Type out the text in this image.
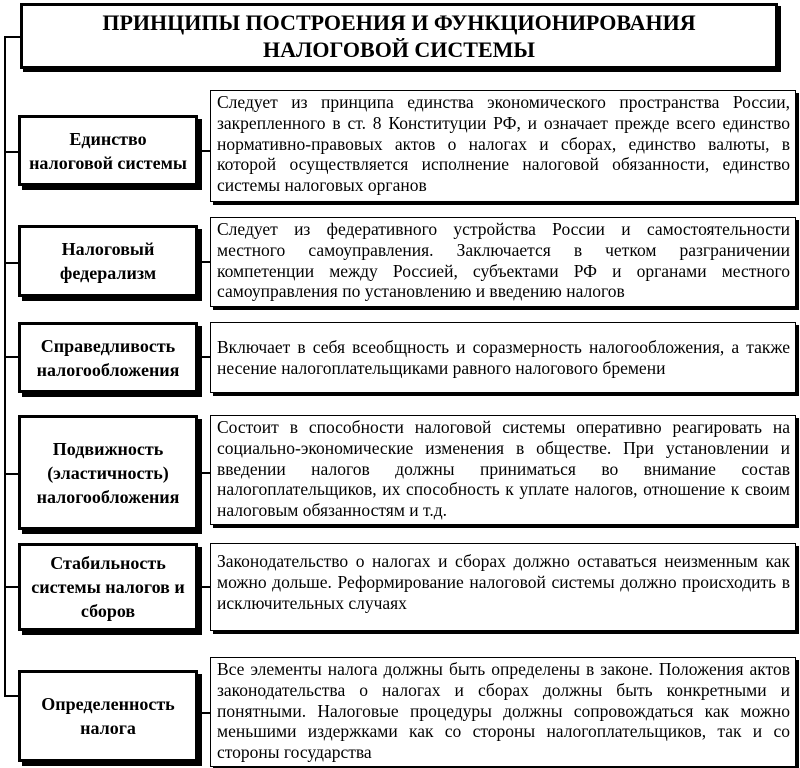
ПРИНЦИПЫ ПОСТРОЕНИЯ И ФУНКЦИОНИРОВАНИЯ
НАЛОГОВОЙ СИСТЕМЫ
Единство
налоговой системы
Следует из принципа единства экономического пространства России, закрепленного в ст. 8 Конституции РФ, и означает прежде всего единство нормативно-правовых актов о налогах и сборах, единство валюты, в которой осуществляется исполнение налоговой обязанности, единство системы налоговых органов
Налоговый
федерализм
Следует из федеративного устройства России и самостоятельности местного самоуправления. Заключается в четком разграничении компетенции между Россией, субъектами РФ и органами местного самоуправления по установлению и введению налогов
Справедливость
налогообложения
Включает в себя всеобщность и соразмерность налогообложения, а также несение налогоплательщиками равного налогового бремени
Подвижность
(эластичность)
налогообложения
Состоит в способности налоговой системы оперативно реагировать на социально-экономические изменения в обществе. При установлении и введении налогов должны приниматься во внимание состав налогоплательщиков, их способность к уплате налогов, отношение к своим налоговым обязанностям и т.д.
Стабильность
системы налогов и
сборов
Законодательство о налогах и сборах должно оставаться неизменным как можно дольше. Реформирование налоговой системы должно происходить в исключительных случаях
Определенность
налога
Все элементы налога должны быть определены в законе. Положения актов законодательства о налогах и сборах должны быть конкретными и понятными. Налоговые процедуры должны сопровождаться как можно меньшими издержками как со стороны налогоплательщиков, так и со стороны государства
